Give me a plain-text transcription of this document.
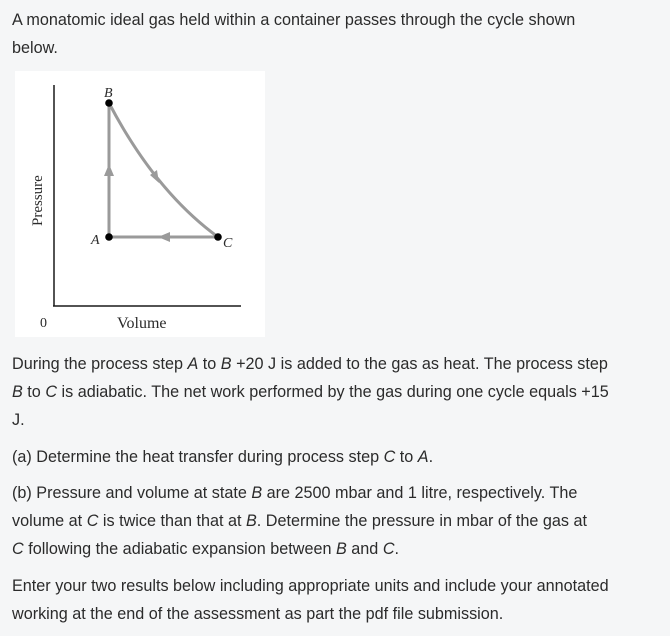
A monatomic ideal gas held within a container passes through the cycle shown
below.

B
A	C
0	Volume
Pressure

During the process step A to B +20 J is added to the gas as heat. The process step
B to C is adiabatic. The net work performed by the gas during one cycle equals +15
J.

(a) Determine the heat transfer during process step C to A.

(b) Pressure and volume at state B are 2500 mbar and 1 litre, respectively. The
volume at C is twice than that at B. Determine the pressure in mbar of the gas at
C following the adiabatic expansion between B and C.

Enter your two results below including appropriate units and include your annotated
working at the end of the assessment as part the pdf file submission.
